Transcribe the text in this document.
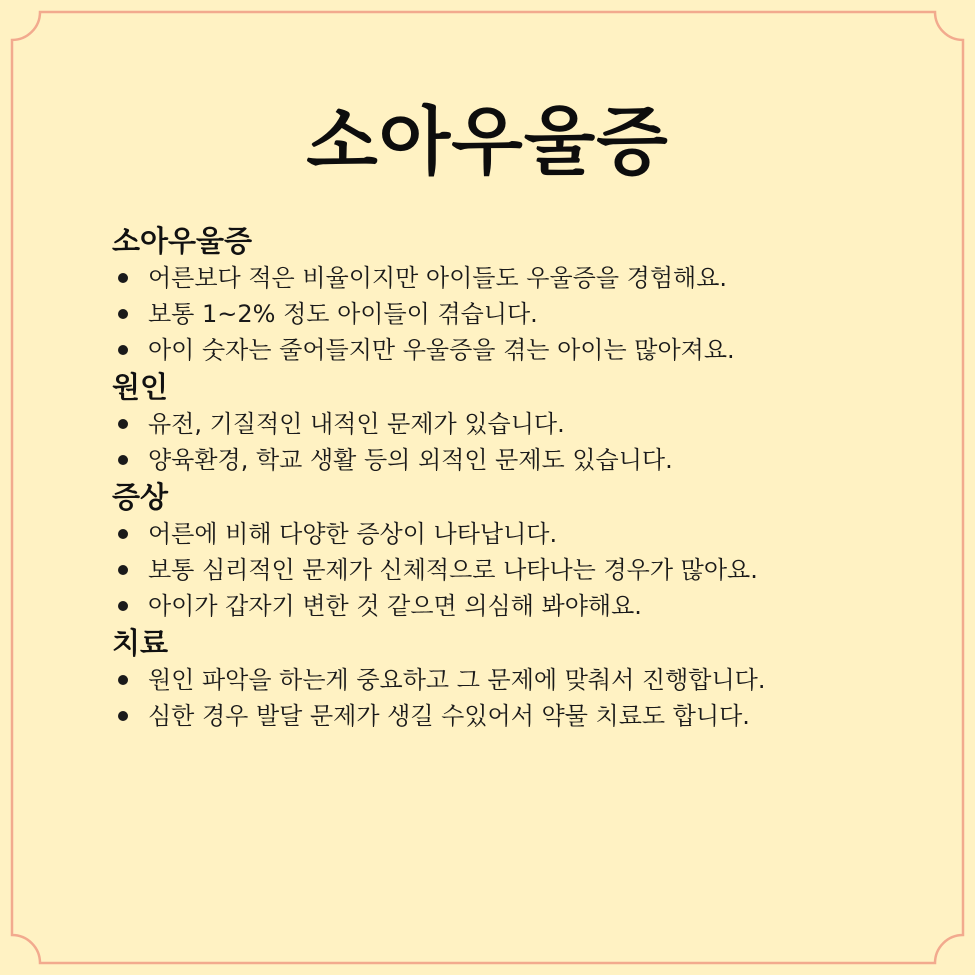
소아우울증
소아우울증
어른보다 적은 비율이지만 아이들도 우울증을 경험해요.
보통 1~2% 정도 아이들이 겪습니다.
아이 숫자는 줄어들지만 우울증을 겪는 아이는 많아져요.
원인
유전, 기질적인 내적인 문제가 있습니다.
양육환경, 학교 생활 등의 외적인 문제도 있습니다.
증상
어른에 비해 다양한 증상이 나타납니다.
보통 심리적인 문제가 신체적으로 나타나는 경우가 많아요.
아이가 갑자기 변한 것 같으면 의심해 봐야해요.
치료
원인 파악을 하는게 중요하고 그 문제에 맞춰서 진행합니다.
심한 경우 발달 문제가 생길 수있어서 약물 치료도 합니다.
